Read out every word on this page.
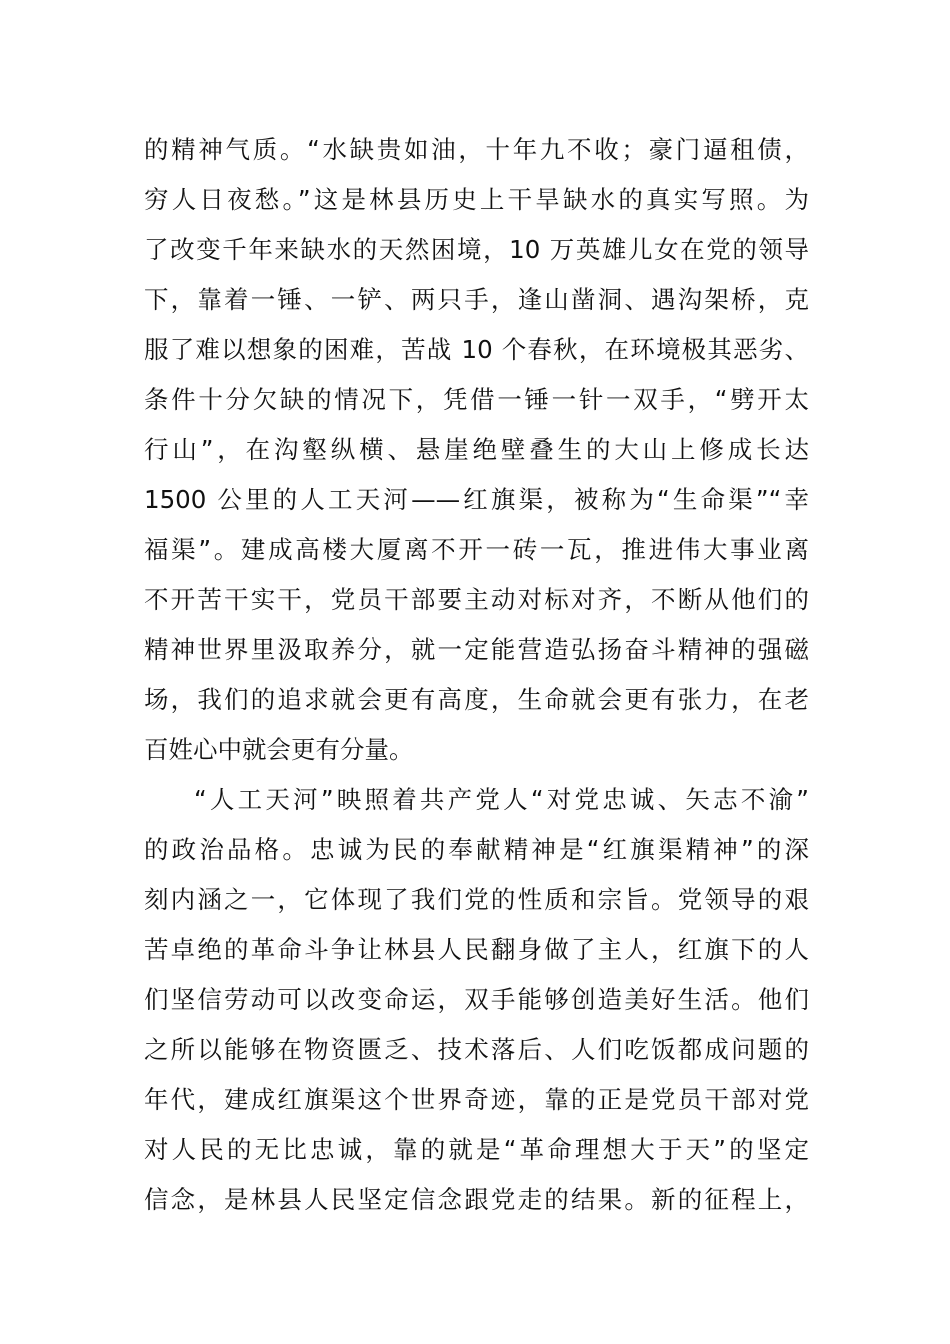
的精神气质。“水缺贵如油，十年九不收；豪门逼租债，
穷人日夜愁。”这是林县历史上干旱缺水的真实写照。为
了改变千年来缺水的天然困境，10 万英雄儿女在党的领导
下，靠着一锤、一铲、两只手，逢山凿洞、遇沟架桥，克
服了难以想象的困难，苦战 10 个春秋，在环境极其恶劣、
条件十分欠缺的情况下，凭借一锤一针一双手，“劈开太
行山”，在沟壑纵横、悬崖绝壁叠生的大山上修成长达
1500 公里的人工天河——红旗渠，被称为“生命渠”“幸
福渠”。建成高楼大厦离不开一砖一瓦，推进伟大事业离
不开苦干实干，党员干部要主动对标对齐，不断从他们的
精神世界里汲取养分，就一定能营造弘扬奋斗精神的强磁
场，我们的追求就会更有高度，生命就会更有张力，在老
百姓心中就会更有分量。
“人工天河”映照着共产党人“对党忠诚、矢志不渝”
的政治品格。忠诚为民的奉献精神是“红旗渠精神”的深
刻内涵之一，它体现了我们党的性质和宗旨。党领导的艰
苦卓绝的革命斗争让林县人民翻身做了主人，红旗下的人
们坚信劳动可以改变命运，双手能够创造美好生活。他们
之所以能够在物资匮乏、技术落后、人们吃饭都成问题的
年代，建成红旗渠这个世界奇迹，靠的正是党员干部对党
对人民的无比忠诚，靠的就是“革命理想大于天”的坚定
信念，是林县人民坚定信念跟党走的结果。新的征程上，
